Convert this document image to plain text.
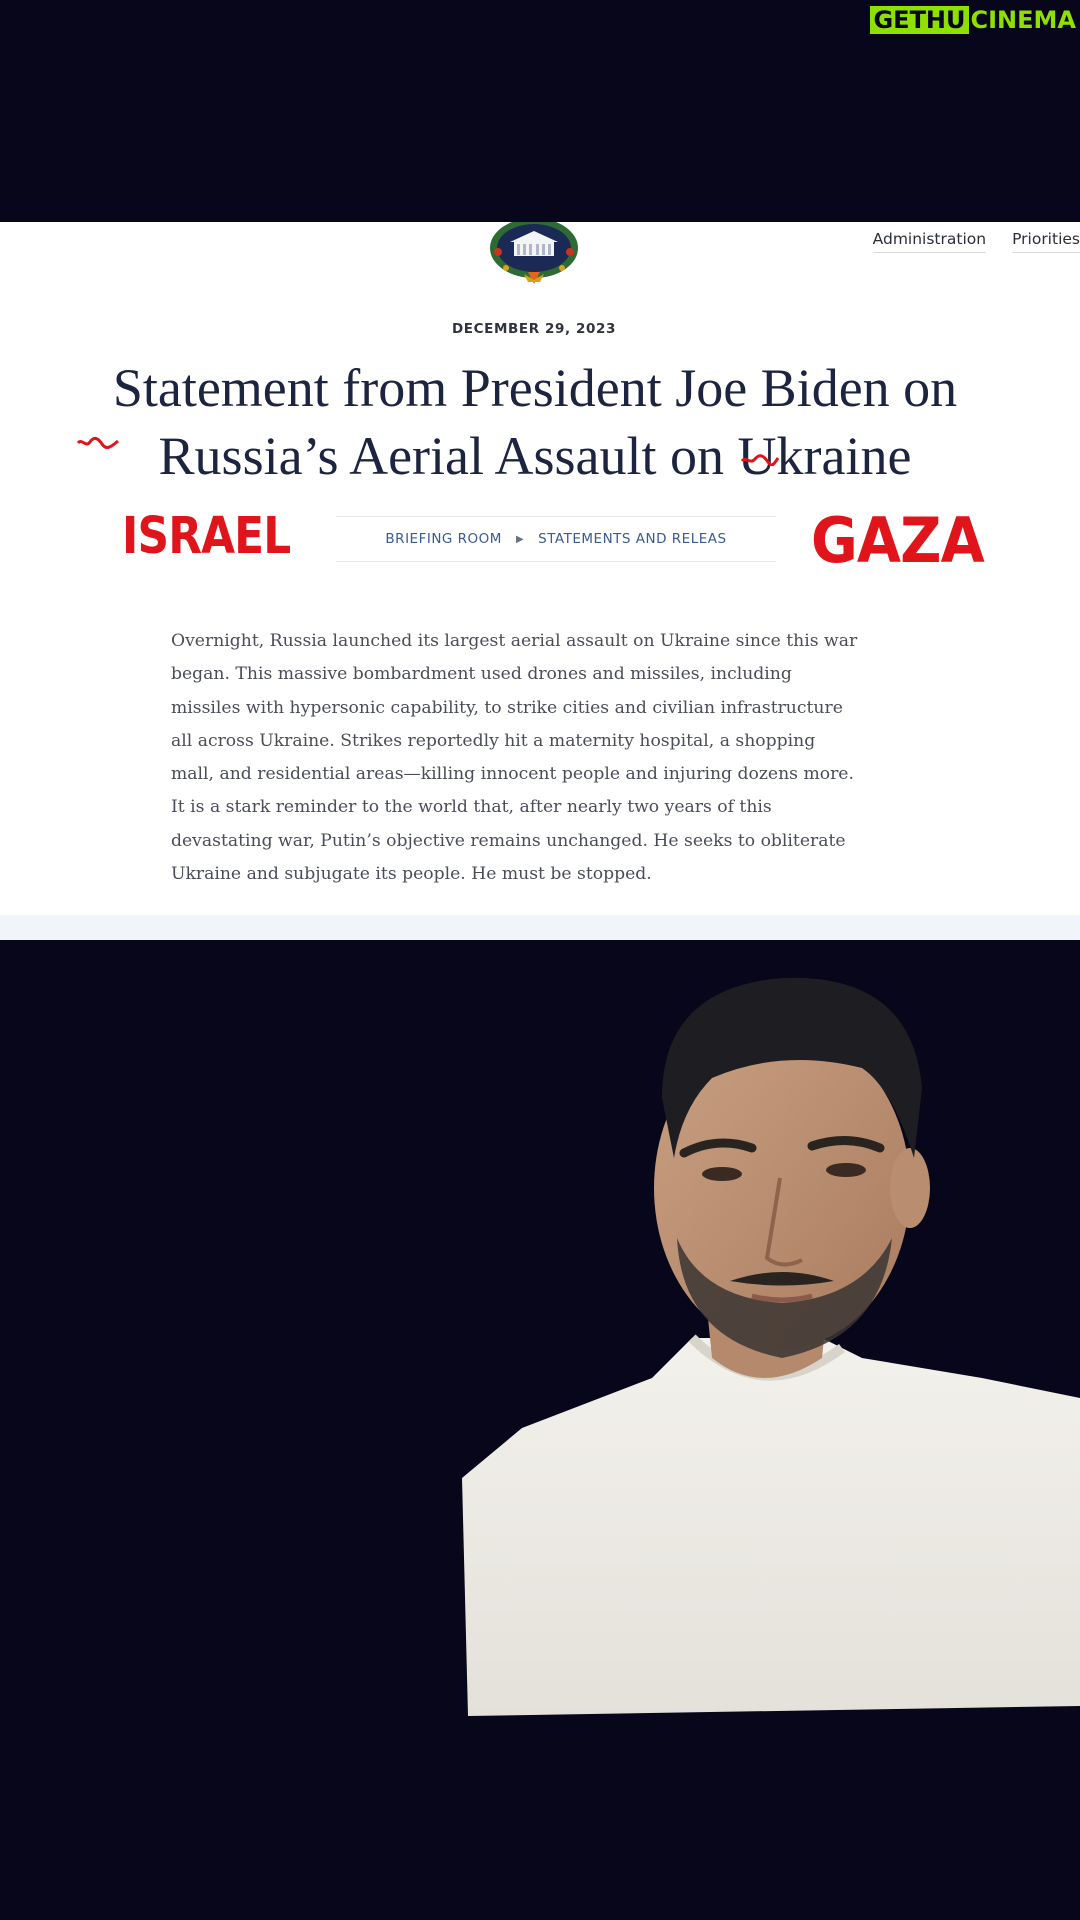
GETHU CINEMA
Administration Priorities
DECEMBER 29, 2023
Statement from President Joe Biden on
Russia’s Aerial Assault on Ukraine
ISRAEL	GAZA
BRIEFING ROOM ▶ STATEMENTS AND RELEAS
Overnight, Russia launched its largest aerial assault on Ukraine since this war
began. This massive bombardment used drones and missiles, including
missiles with hypersonic capability, to strike cities and civilian infrastructure
all across Ukraine. Strikes reportedly hit a maternity hospital, a shopping
mall, and residential areas—killing innocent people and injuring dozens more.
It is a stark reminder to the world that, after nearly two years of this
devastating war, Putin’s objective remains unchanged. He seeks to obliterate
Ukraine and subjugate its people. He must be stopped.
